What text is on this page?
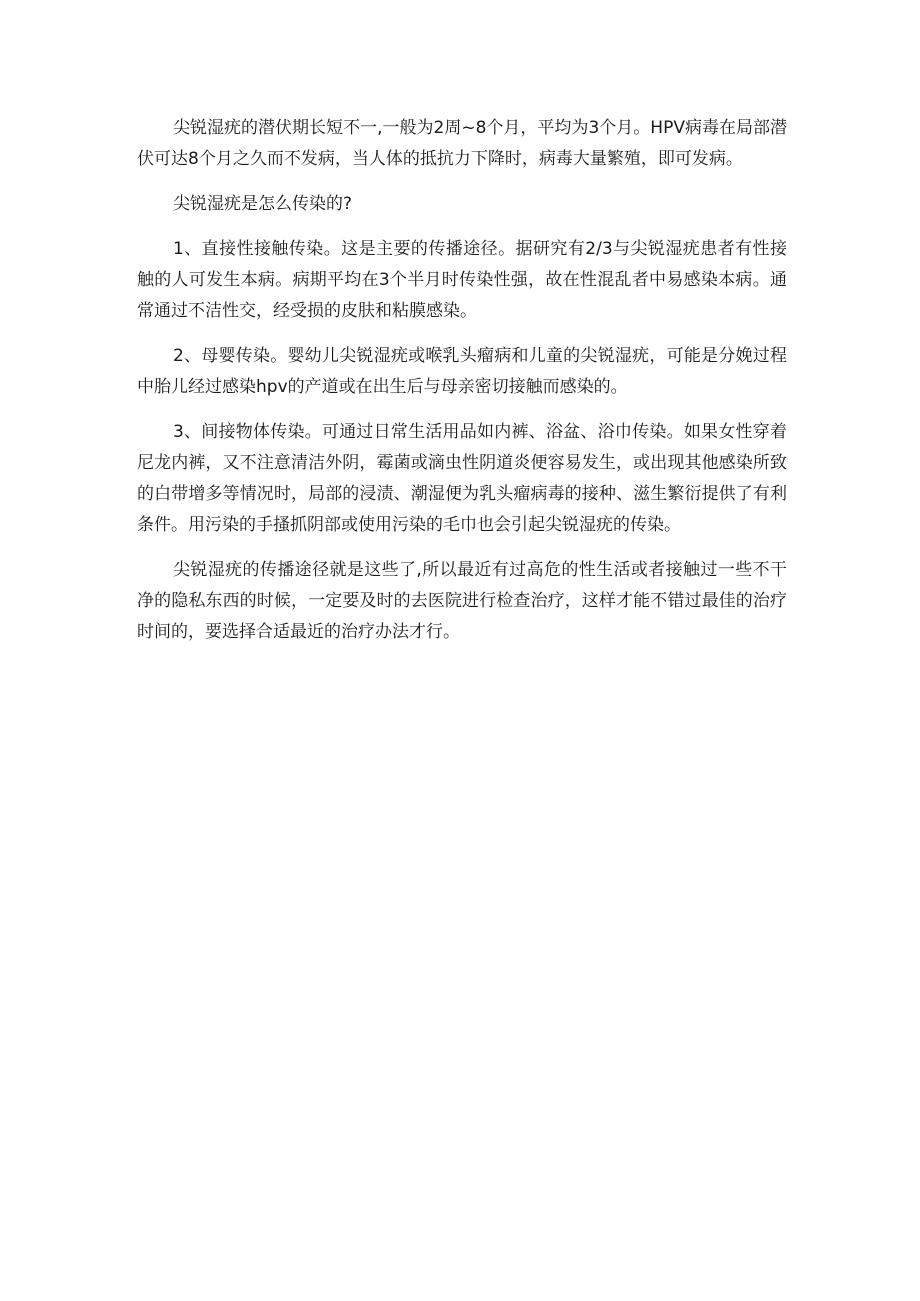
尖锐湿疣的潜伏期长短不一,一般为2周~8个月，平均为3个月。HPV病毒在局部潜伏可达8个月之久而不发病，当人体的抵抗力下降时，病毒大量繁殖，即可发病。

尖锐湿疣是怎么传染的?

1、直接性接触传染。这是主要的传播途径。据研究有2/3与尖锐湿疣患者有性接触的人可发生本病。病期平均在3个半月时传染性强，故在性混乱者中易感染本病。通常通过不洁性交，经受损的皮肤和粘膜感染。

2、母婴传染。婴幼儿尖锐湿疣或喉乳头瘤病和儿童的尖锐湿疣，可能是分娩过程中胎儿经过感染hpv的产道或在出生后与母亲密切接触而感染的。

3、间接物体传染。可通过日常生活用品如内裤、浴盆、浴巾传染。如果女性穿着尼龙内裤，又不注意清洁外阴，霉菌或滴虫性阴道炎便容易发生，或出现其他感染所致的白带增多等情况时，局部的浸渍、潮湿便为乳头瘤病毒的接种、滋生繁衍提供了有利条件。用污染的手搔抓阴部或使用污染的毛巾也会引起尖锐湿疣的传染。

尖锐湿疣的传播途径就是这些了,所以最近有过高危的性生活或者接触过一些不干净的隐私东西的时候，一定要及时的去医院进行检查治疗，这样才能不错过最佳的治疗时间的，要选择合适最近的治疗办法才行。
